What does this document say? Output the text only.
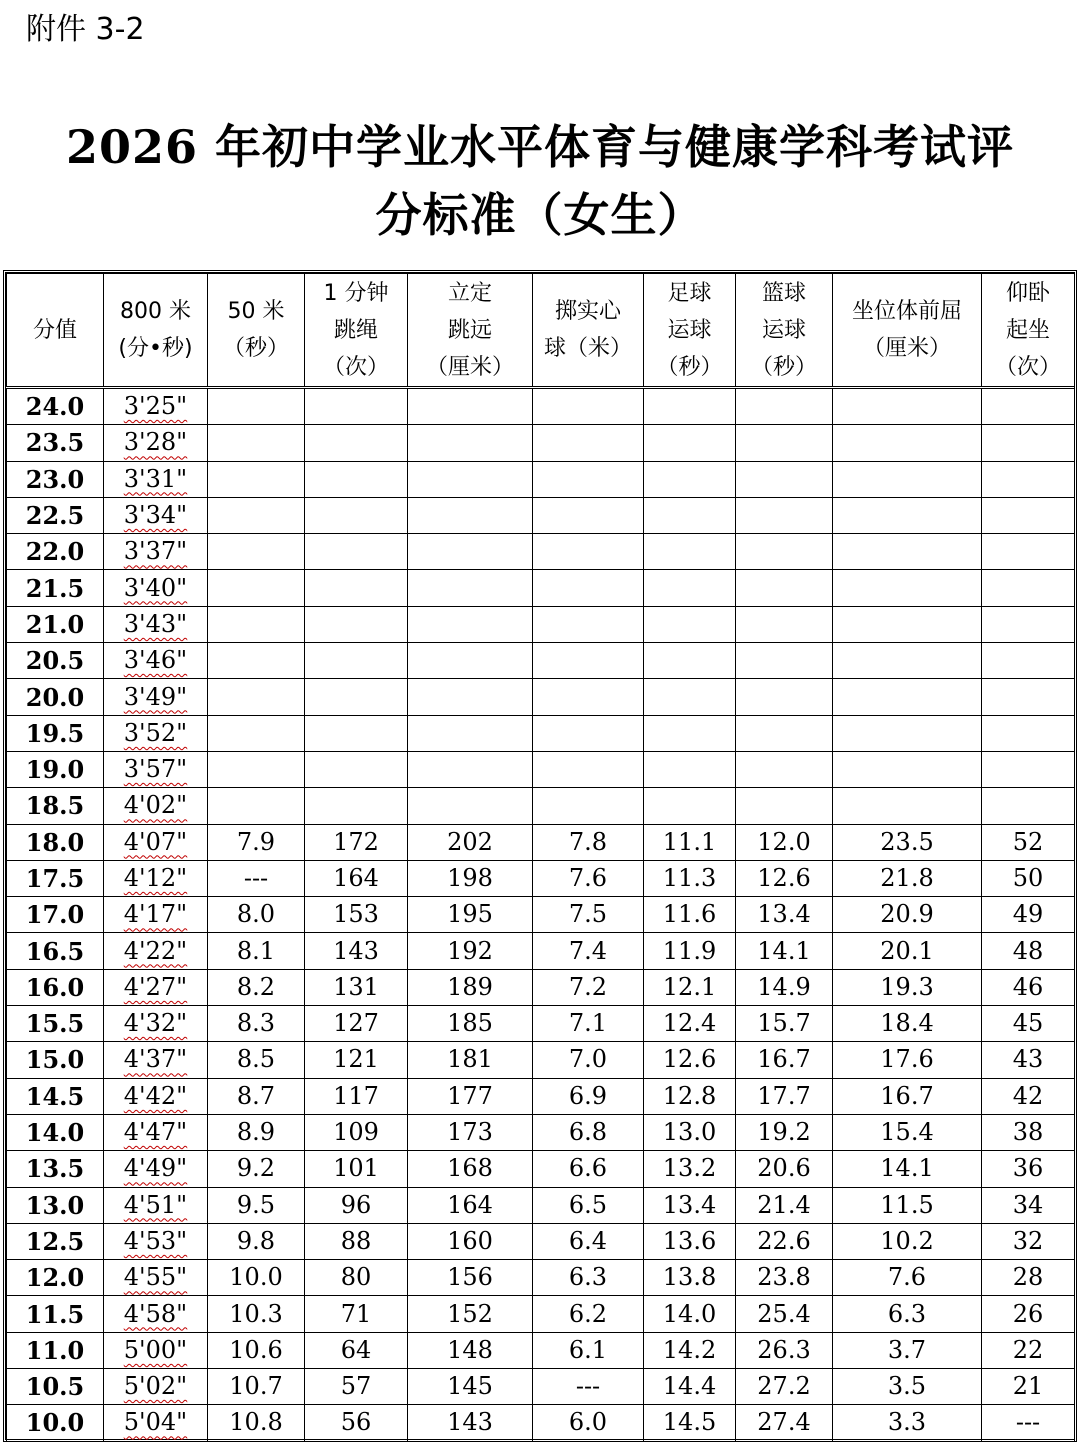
附件 3-2
2026 年初中学业水平体育与健康学科考试评
分标准（女生）
分值	800 米
(分•秒)	50 米
（秒）	1 分钟
跳绳
（次）	立定
跳远
（厘米）	掷实心
球（米）	足球
运球
（秒）	篮球
运球
（秒）	坐位体前屈
（厘米）	仰卧
起坐
（次）

24.0	3'25"								
23.5	3'28"								
23.0	3'31"								
22.5	3'34"								
22.0	3'37"								
21.5	3'40"								
21.0	3'43"								
20.5	3'46"								
20.0	3'49"								
19.5	3'52"								
19.0	3'57"								
18.5	4'02"								
18.0	4'07"	7.9	172	202	7.8	11.1	12.0	23.5	52
17.5	4'12"	---	164	198	7.6	11.3	12.6	21.8	50
17.0	4'17"	8.0	153	195	7.5	11.6	13.4	20.9	49
16.5	4'22"	8.1	143	192	7.4	11.9	14.1	20.1	48
16.0	4'27"	8.2	131	189	7.2	12.1	14.9	19.3	46
15.5	4'32"	8.3	127	185	7.1	12.4	15.7	18.4	45
15.0	4'37"	8.5	121	181	7.0	12.6	16.7	17.6	43
14.5	4'42"	8.7	117	177	6.9	12.8	17.7	16.7	42
14.0	4'47"	8.9	109	173	6.8	13.0	19.2	15.4	38
13.5	4'49"	9.2	101	168	6.6	13.2	20.6	14.1	36
13.0	4'51"	9.5	96	164	6.5	13.4	21.4	11.5	34
12.5	4'53"	9.8	88	160	6.4	13.6	22.6	10.2	32
12.0	4'55"	10.0	80	156	6.3	13.8	23.8	7.6	28
11.5	4'58"	10.3	71	152	6.2	14.0	25.4	6.3	26
11.0	5'00"	10.6	64	148	6.1	14.2	26.3	3.7	22
10.5	5'02"	10.7	57	145	---	14.4	27.2	3.5	21
10.0	5'04"	10.8	56	143	6.0	14.5	27.4	3.3	---
